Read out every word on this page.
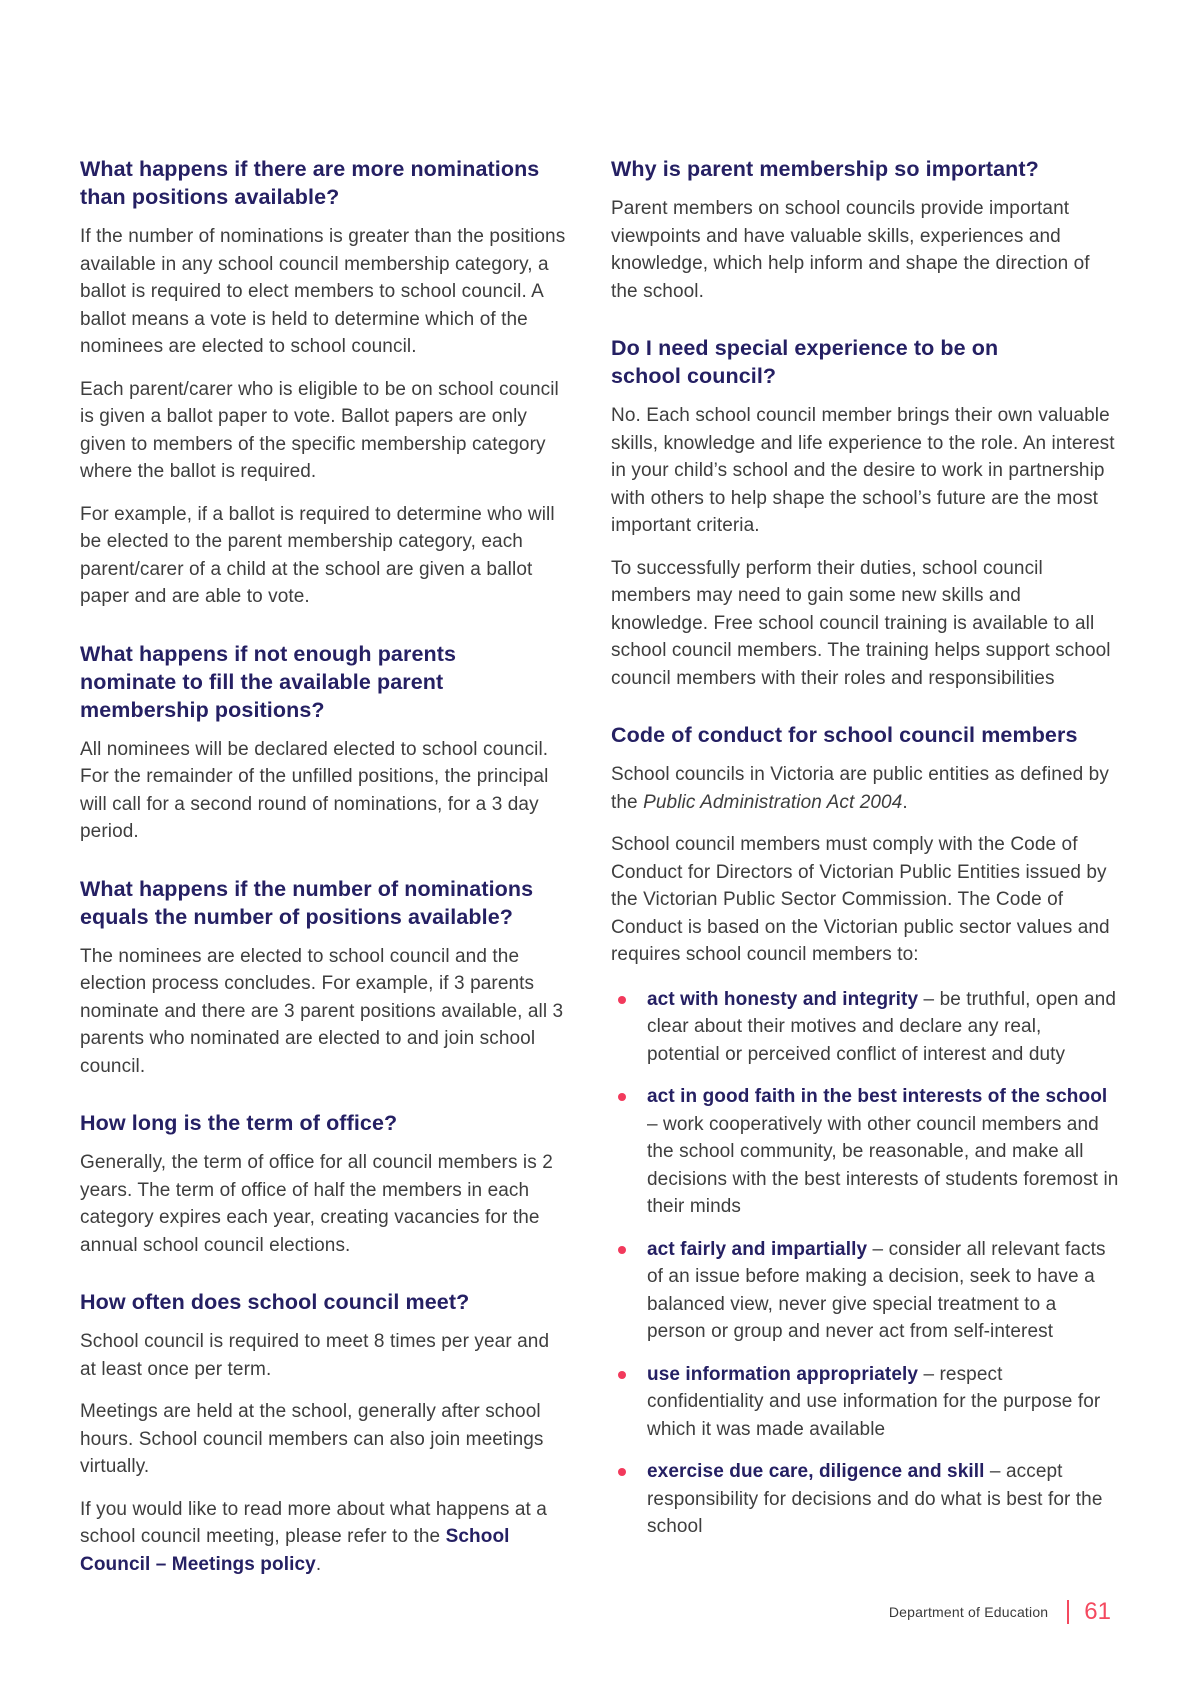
What happens if there are more nominations than positions available?

If the number of nominations is greater than the positions available in any school council membership category, a ballot is required to elect members to school council. A ballot means a vote is held to determine which of the nominees are elected to school council.

Each parent/carer who is eligible to be on school council is given a ballot paper to vote. Ballot papers are only given to members of the specific membership category where the ballot is required.

For example, if a ballot is required to determine who will be elected to the parent membership category, each parent/carer of a child at the school are given a ballot paper and are able to vote.

What happens if not enough parents nominate to fill the available parent membership positions?

All nominees will be declared elected to school council. For the remainder of the unfilled positions, the principal will call for a second round of nominations, for a 3 day period.

What happens if the number of nominations equals the number of positions available?

The nominees are elected to school council and the election process concludes. For example, if 3 parents nominate and there are 3 parent positions available, all 3 parents who nominated are elected to and join school council.

How long is the term of office?

Generally, the term of office for all council members is 2 years. The term of office of half the members in each category expires each year, creating vacancies for the annual school council elections.

How often does school council meet?

School council is required to meet 8 times per year and at least once per term.

Meetings are held at the school, generally after school hours. School council members can also join meetings virtually.

If you would like to read more about what happens at a school council meeting, please refer to the School Council – Meetings policy.

Why is parent membership so important?

Parent members on school councils provide important viewpoints and have valuable skills, experiences and knowledge, which help inform and shape the direction of the school.

Do I need special experience to be on school council?

No. Each school council member brings their own valuable skills, knowledge and life experience to the role. An interest in your child’s school and the desire to work in partnership with others to help shape the school’s future are the most important criteria.

To successfully perform their duties, school council members may need to gain some new skills and knowledge. Free school council training is available to all school council members. The training helps support school council members with their roles and responsibilities

Code of conduct for school council members

School councils in Victoria are public entities as defined by the Public Administration Act 2004.

School council members must comply with the Code of Conduct for Directors of Victorian Public Entities issued by the Victorian Public Sector Commission. The Code of Conduct is based on the Victorian public sector values and requires school council members to:

act with honesty and integrity – be truthful, open and clear about their motives and declare any real, potential or perceived conflict of interest and duty
act in good faith in the best interests of the school – work cooperatively with other council members and the school community, be reasonable, and make all decisions with the best interests of students foremost in their minds
act fairly and impartially – consider all relevant facts of an issue before making a decision, seek to have a balanced view, never give special treatment to a person or group and never act from self-interest
use information appropriately – respect confidentiality and use information for the purpose for which it was made available
exercise due care, diligence and skill – accept responsibility for decisions and do what is best for the school
Department of Education 61
